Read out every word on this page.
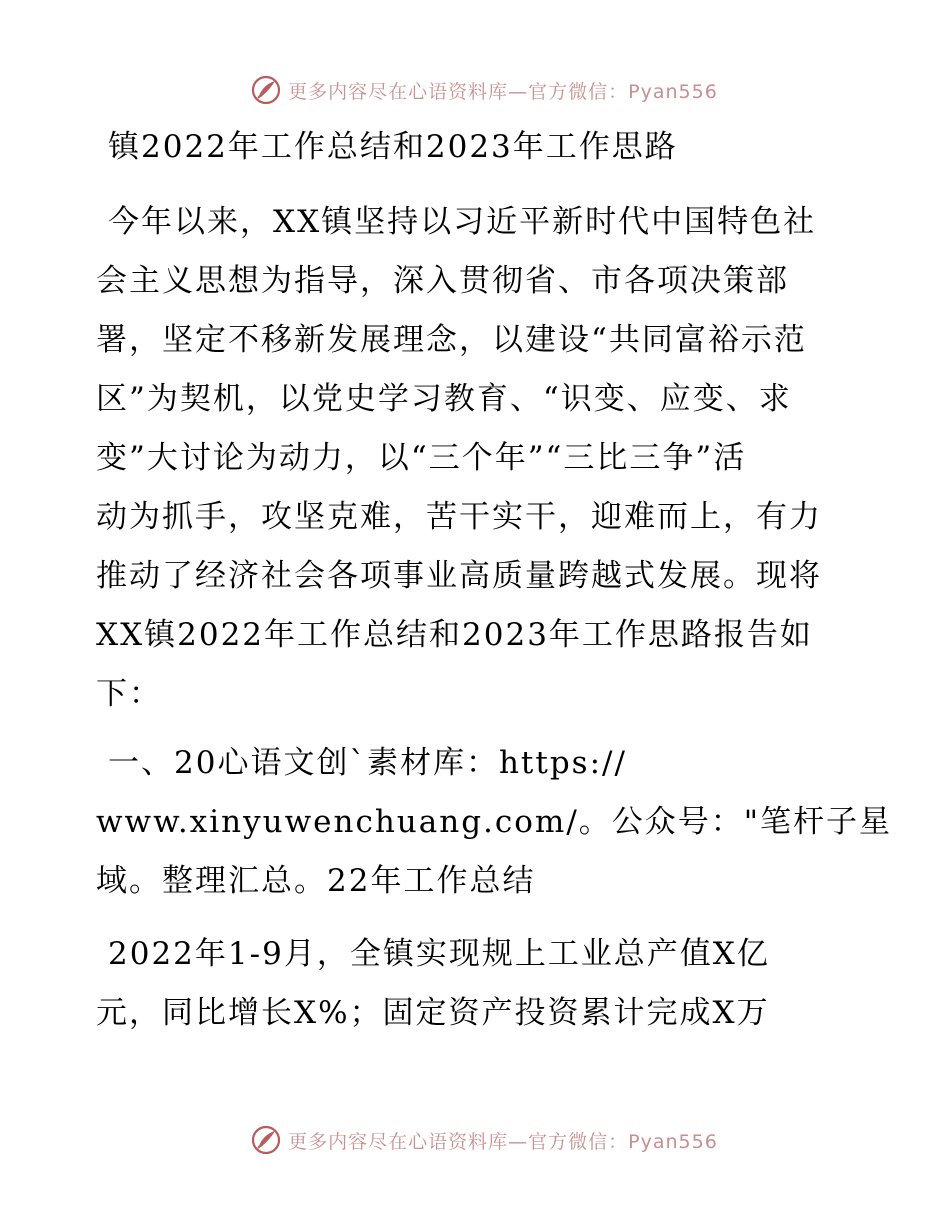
更多内容尽在心语资料库—官方微信：Pyan556
镇2022年工作总结和2023年工作思路
今年以来，XX镇坚持以习近平新时代中国特色社
会主义思想为指导，深入贯彻省、市各项决策部
署，坚定不移新发展理念，以建设“共同富裕示范
区”为契机，以党史学习教育、“识变、应变、求
变”大讨论为动力，以“三个年”“三比三争”活
动为抓手，攻坚克难，苦干实干，迎难而上，有力
推动了经济社会各项事业高质量跨越式发展。现将
XX镇2022年工作总结和2023年工作思路报告如
下：
一、20心语文创`素材库：https://
www.xinyuwenchuang.com/。公众号："笔杆子星
域。整理汇总。22年工作总结
2022年1-9月，全镇实现规上工业总产值X亿
元，同比增长X%；固定资产投资累计完成X万
更多内容尽在心语资料库—官方微信：Pyan556
